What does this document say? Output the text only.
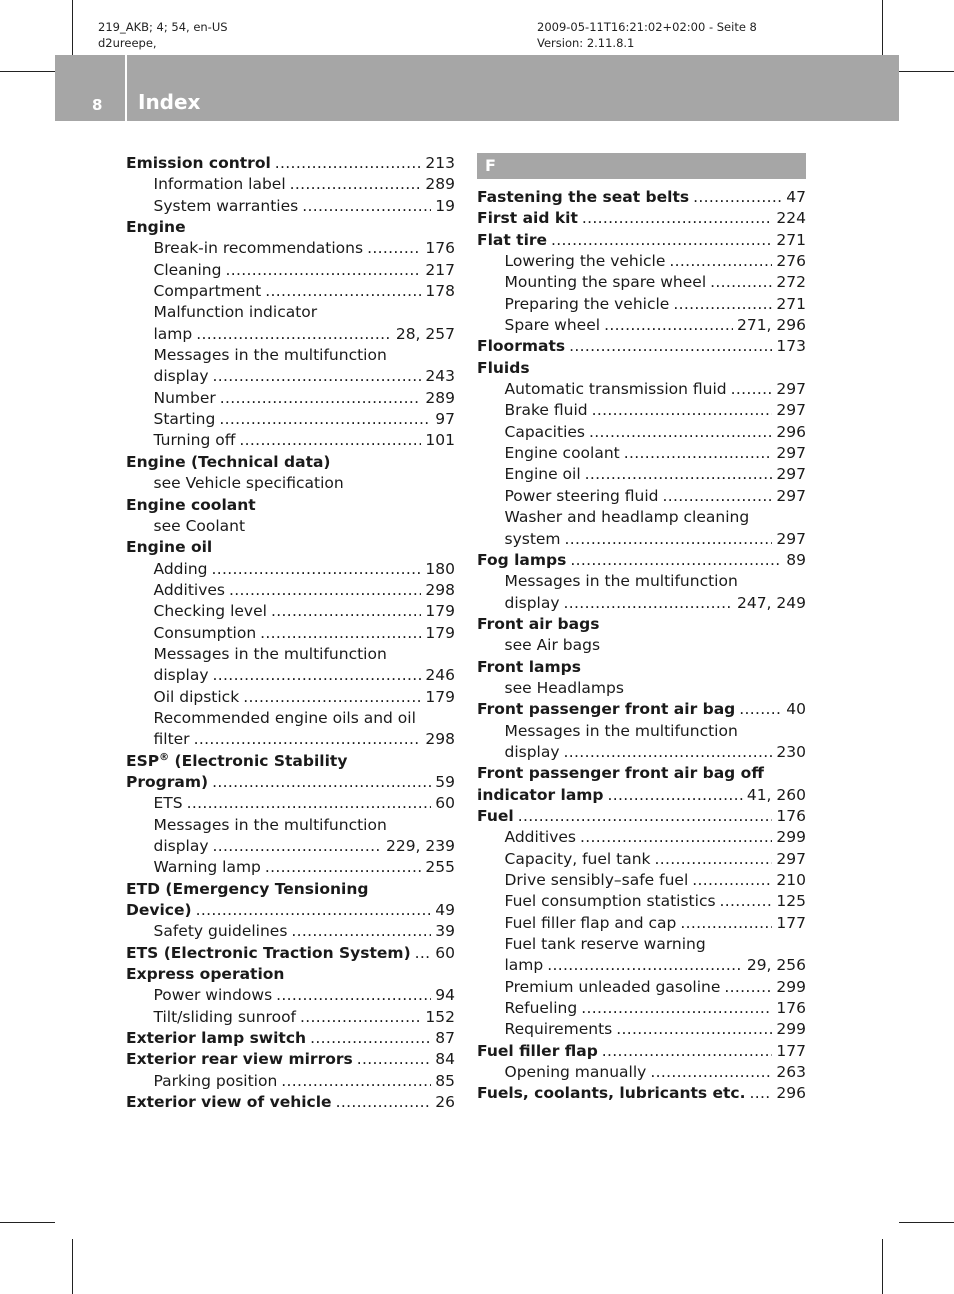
219_AKB; 4; 54, en-US
d2ureepe,
2009-05-11T16:21:02+02:00 - Seite 8
Version: 2.11.8.1
8 Index
Emission control . . .	213
Information label . . .	289
System warranties . . .	19
Engine
Break-in recommendations . . .	176
Cleaning . . .	217
Compartment . . .	178
Malfunction indicator
lamp . . .	28, 257
Messages in the multifunction
display . . .	243
Number . . .	289
Starting . . .	97
Turning off . . .	101
Engine (Technical data)
see Vehicle specification
Engine coolant
see Coolant
Engine oil
Adding . . .	180
Additives . . .	298
Checking level . . .	179
Consumption . . .	179
Messages in the multifunction
display . . .	246
Oil dipstick . . .	179
Recommended engine oils and oil
filter . . .	298
ESP® (Electronic Stability
Program) . . .	59
ETS . . .	60
Messages in the multifunction
display . . .	229, 239
Warning lamp . . .	255
ETD (Emergency Tensioning
Device) . . .	49
Safety guidelines . . .	39
ETS (Electronic Traction System) . . . 60
Express operation
Power windows . . .	94
Tilt/sliding sunroof . . .	152
Exterior lamp switch . . .	87
Exterior rear view mirrors . . .	84
Parking position . . .	85
Exterior view of vehicle . . .	26
F
Fastening the seat belts . . .	47
First aid kit . . .	224
Flat tire . . .	271
Lowering the vehicle . . .	276
Mounting the spare wheel . . .	272
Preparing the vehicle . . .	271
Spare wheel . . .	271, 296
Floormats . . .	173
Fluids
Automatic transmission fluid . . .	297
Brake fluid . . .	297
Capacities . . .	296
Engine coolant . . .	297
Engine oil . . .	297
Power steering fluid . . .	297
Washer and headlamp cleaning
system . . .	297
Fog lamps . . .	89
Messages in the multifunction
display . . .	247, 249
Front air bags
see Air bags
Front lamps
see Headlamps
Front passenger front air bag . . .	40
Messages in the multifunction
display . . .	230
Front passenger front air bag off
indicator lamp . . .	41, 260
Fuel . . .	176
Additives . . .	299
Capacity, fuel tank . . .	297
Drive sensibly–safe fuel . . .	210
Fuel consumption statistics . . .	125
Fuel filler flap and cap . . .	177
Fuel tank reserve warning
lamp . . .	29, 256
Premium unleaded gasoline . . .	299
Refueling . . .	176
Requirements . . .	299
Fuel filler flap . . .	177
Opening manually . . .	263
Fuels, coolants, lubricants etc. . . . 296
